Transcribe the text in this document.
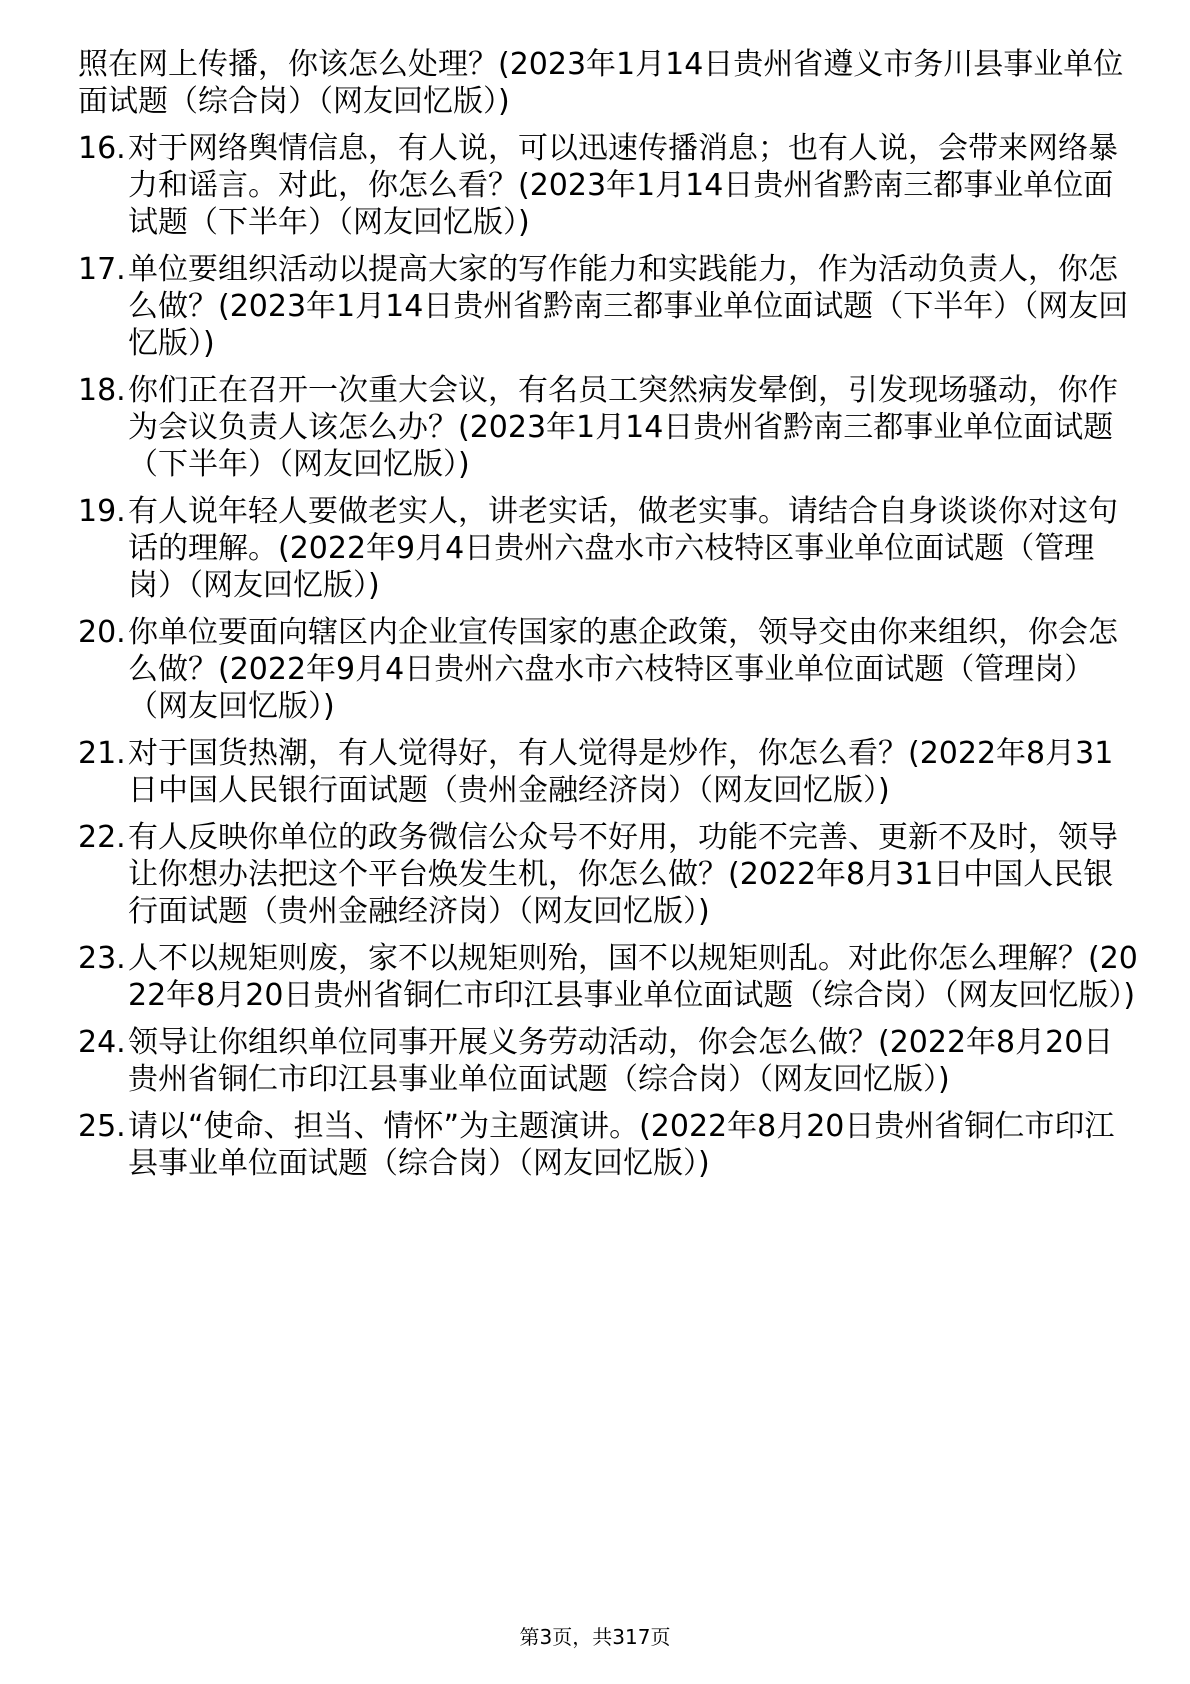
照在网上传播，你该怎么处理？(2023年1月14日贵州省遵义市务川县事业单位面试题（综合岗）（网友回忆版）)
16. 对于网络舆情信息，有人说，可以迅速传播消息；也有人说，会带来网络暴力和谣言。对此，你怎么看？(2023年1月14日贵州省黔南三都事业单位面试题（下半年）（网友回忆版）)
17. 单位要组织活动以提高大家的写作能力和实践能力，作为活动负责人，你怎么做？(2023年1月14日贵州省黔南三都事业单位面试题（下半年）（网友回忆版）)
18. 你们正在召开一次重大会议，有名员工突然病发晕倒，引发现场骚动，你作为会议负责人该怎么办？(2023年1月14日贵州省黔南三都事业单位面试题（下半年）（网友回忆版）)
19. 有人说年轻人要做老实人，讲老实话，做老实事。请结合自身谈谈你对这句话的理解。(2022年9月4日贵州六盘水市六枝特区事业单位面试题（管理岗）（网友回忆版）)
20. 你单位要面向辖区内企业宣传国家的惠企政策，领导交由你来组织，你会怎么做？(2022年9月4日贵州六盘水市六枝特区事业单位面试题（管理岗）（网友回忆版）)
21. 对于国货热潮，有人觉得好，有人觉得是炒作，你怎么看？(2022年8月31日中国人民银行面试题（贵州金融经济岗）（网友回忆版）)
22. 有人反映你单位的政务微信公众号不好用，功能不完善、更新不及时，领导让你想办法把这个平台焕发生机，你怎么做？(2022年8月31日中国人民银行面试题（贵州金融经济岗）（网友回忆版）)
23. 人不以规矩则废，家不以规矩则殆，国不以规矩则乱。对此你怎么理解？(2022年8月20日贵州省铜仁市印江县事业单位面试题（综合岗）（网友回忆版）)
24. 领导让你组织单位同事开展义务劳动活动，你会怎么做？(2022年8月20日贵州省铜仁市印江县事业单位面试题（综合岗）（网友回忆版）)
25. 请以“使命、担当、情怀”为主题演讲。(2022年8月20日贵州省铜仁市印江县事业单位面试题（综合岗）（网友回忆版）)
第3页，共317页
